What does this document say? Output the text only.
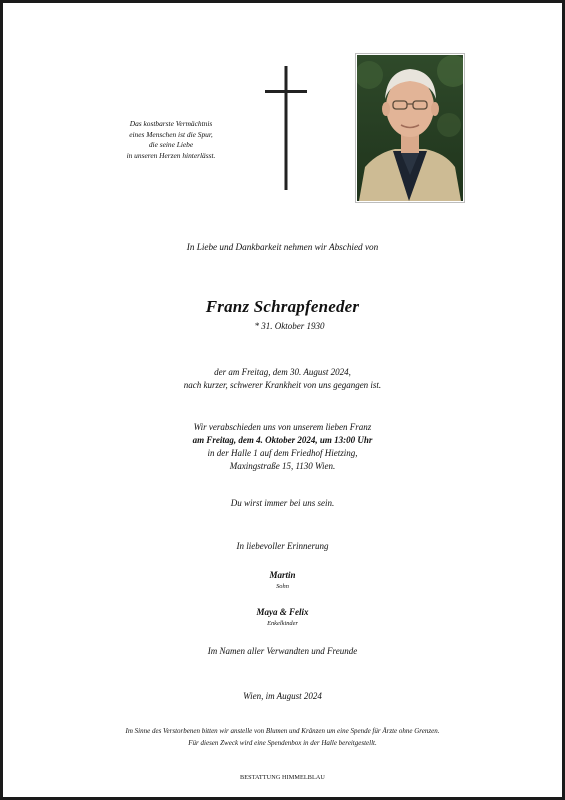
Das kostbarste Vermächtnis
eines Menschen ist die Spur,
die seine Liebe
in unseren Herzen hinterlässt.
In Liebe und Dankbarkeit nehmen wir Abschied von
Franz Schrapfeneder
* 31. Oktober 1930
der am Freitag, dem 30. August 2024,
nach kurzer, schwerer Krankheit von uns gegangen ist.
Wir verabschieden uns von unserem lieben Franz
am Freitag, dem 4. Oktober 2024, um 13:00 Uhr
in der Halle 1 auf dem Friedhof Hietzing,
Maxingstraße 15, 1130 Wien.
Du wirst immer bei uns sein.
In liebevoller Erinnerung
Martin
Sohn
Maya & Felix
Enkelkinder
Im Namen aller Verwandten und Freunde
Wien, im August 2024
Im Sinne des Verstorbenen bitten wir anstelle von Blumen und Kränzen um eine Spende für Ärzte ohne Grenzen.
Für diesen Zweck wird eine Spendenbox in der Halle bereitgestellt.
BESTATTUNG HIMMELBLAU
